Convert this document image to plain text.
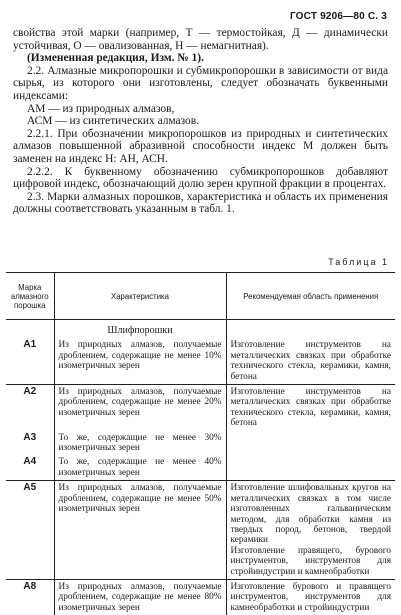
ГОСТ 9206—80 С. 3

свойства этой марки (например, Т — термостойкая, Д — динамически устойчивая, О — овализованная, Н — немагнитная).

(Измененная редакция, Изм. № 1).

2.2. Алмазные микропорошки и субмикропорошки в зависимости от вида сырья, из которого они изготовлены, следует обозначать буквенными индексами:

АМ — из природных алмазов,

АСМ — из синтетических алмазов.

2.2.1. При обозначении микропорошков из природных и синтетических алмазов повышенной абразивной способности индекс М должен быть заменен на индекс Н: АН, АСН.

2.2.2. К буквенному обозначению субмикропорошков добавляют цифровой индекс, обозначающий долю зерен крупной фракции в процентах.

2.3. Марки алмазных порошков, характеристика и область их применения должны соответствовать указанным в табл. 1.

Таблица 1
Марка алмазного порошка	Характеристика	Рекомендуемая область применения
	Шлифпорошки	
А1	Из природных алмазов, получаемые дроблением, содержащие не менее 10% изометричных зерен	Изготовление инструментов на металлических связках при обработке технического стекла, керамики, камня, бетона
А2	Из природных алмазов, получаемые дроблением, содержащие не менее 20% изометричных зерен	Изготовление инструментов на металлических связках при обработке технического стекла, керамики, камня, бетона
А3	То же, содержащие не менее 30% изометричных зерен	
А4	То же, содержащие не менее 40% изометричных зерен	
А5	Из природных алмазов, получаемые дроблением, содержащие не менее 50% изометричных зерен	Изготовление шлифовальных кругов на металлических связках в том числе изготовленных гальваническим методом, для обработки камня из твердых пород, бетонов, твердой керамики
Изготовление правящего, бурового инструментов, инструментов для стройиндустрии и камнеобработки
А8	Из природных алмазов, получаемые дроблением, содержащие не менее 80% изометричных зерен	Изготовление бурового и правящего инструментов, инструментов для камнеобработки и стройиндустрии
